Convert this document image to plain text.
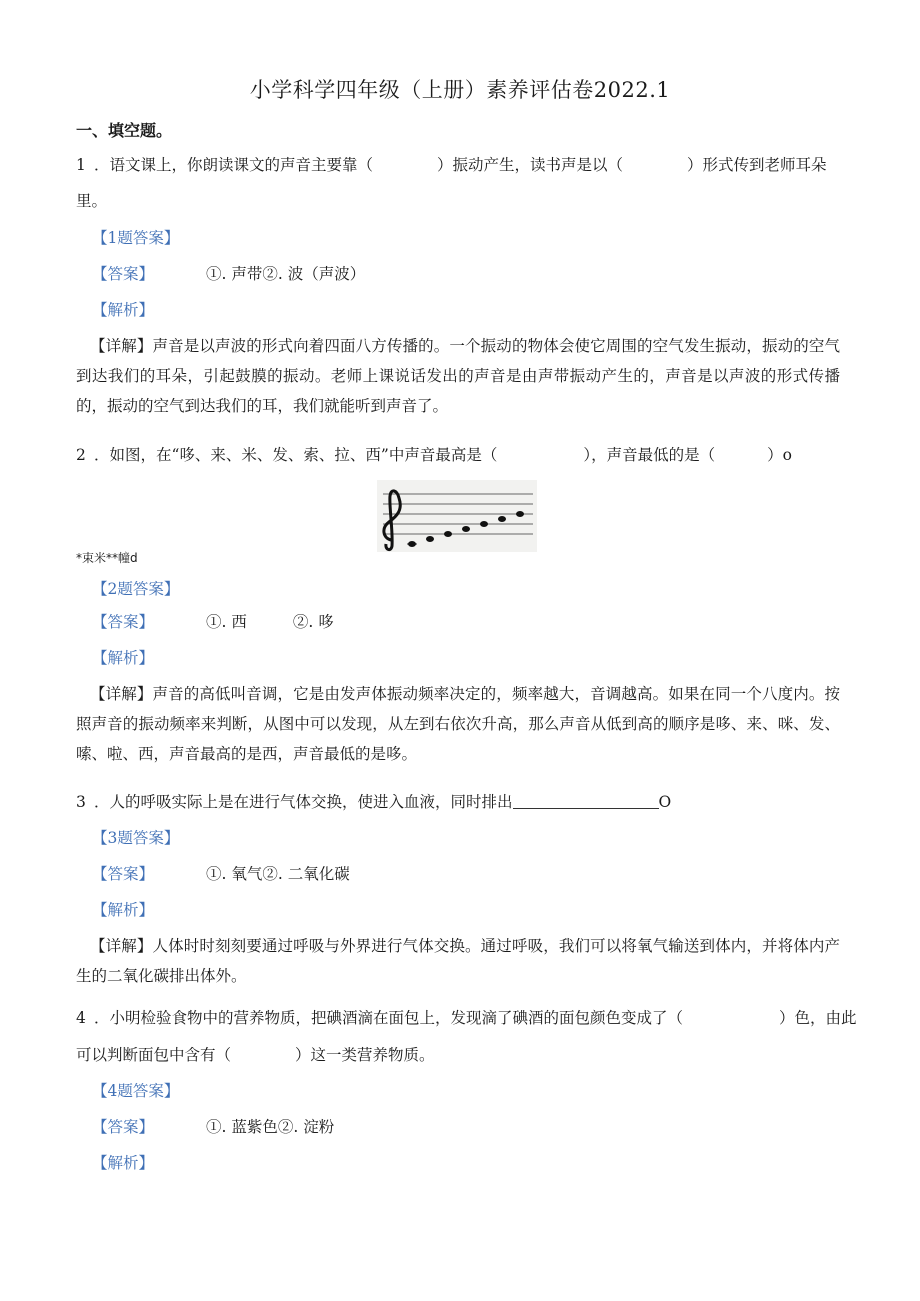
小学科学四年级（上册）素养评估卷2022.1
一、填空题。
1 ．语文课上，你朗读课文的声音主要靠（	）振动产生，读书声是以（	）形式传到老师耳朵
里。
【1题答案】
【答案】	①. 声带②. 波（声波）
【解析】
【详解】声音是以声波的形式向着四面八方传播的。一个振动的物体会使它周围的空气发生振动，振动的空气到达我们的耳朵，引起鼓膜的振动。老师上课说话发出的声音是由声带振动产生的，声音是以声波的形式传播的，振动的空气到达我们的耳，我们就能听到声音了。
2 ．如图，在“哆、来、米、发、索、拉、西”中声音最高是（	），声音最低的是（	）o
*束米**幢d
【2题答案】
【答案】	①. 西	②. 哆
【解析】
【详解】声音的高低叫音调，它是由发声体振动频率决定的，频率越大，音调越高。如果在同一个八度内。按照声音的振动频率来判断，从图中可以发现，从左到右依次升高，那么声音从低到高的顺序是哆、来、咪、发、嗦、啦、西，声音最高的是西，声音最低的是哆。
3 ．人的呼吸实际上是在进行气体交换，使进入血液，同时排出	O
【3题答案】
【答案】	①. 氧气②. 二氧化碳
【解析】
【详解】人体时时刻刻要通过呼吸与外界进行气体交换。通过呼吸，我们可以将氧气输送到体内，并将体内产生的二氧化碳排出体外。
4 ．小明检验食物中的营养物质，把碘酒滴在面包上，发现滴了碘酒的面包颜色变成了（	）色，由此
可以判断面包中含有（	）这一类营养物质。
【4题答案】
【答案】	①. 蓝紫色②. 淀粉
【解析】
